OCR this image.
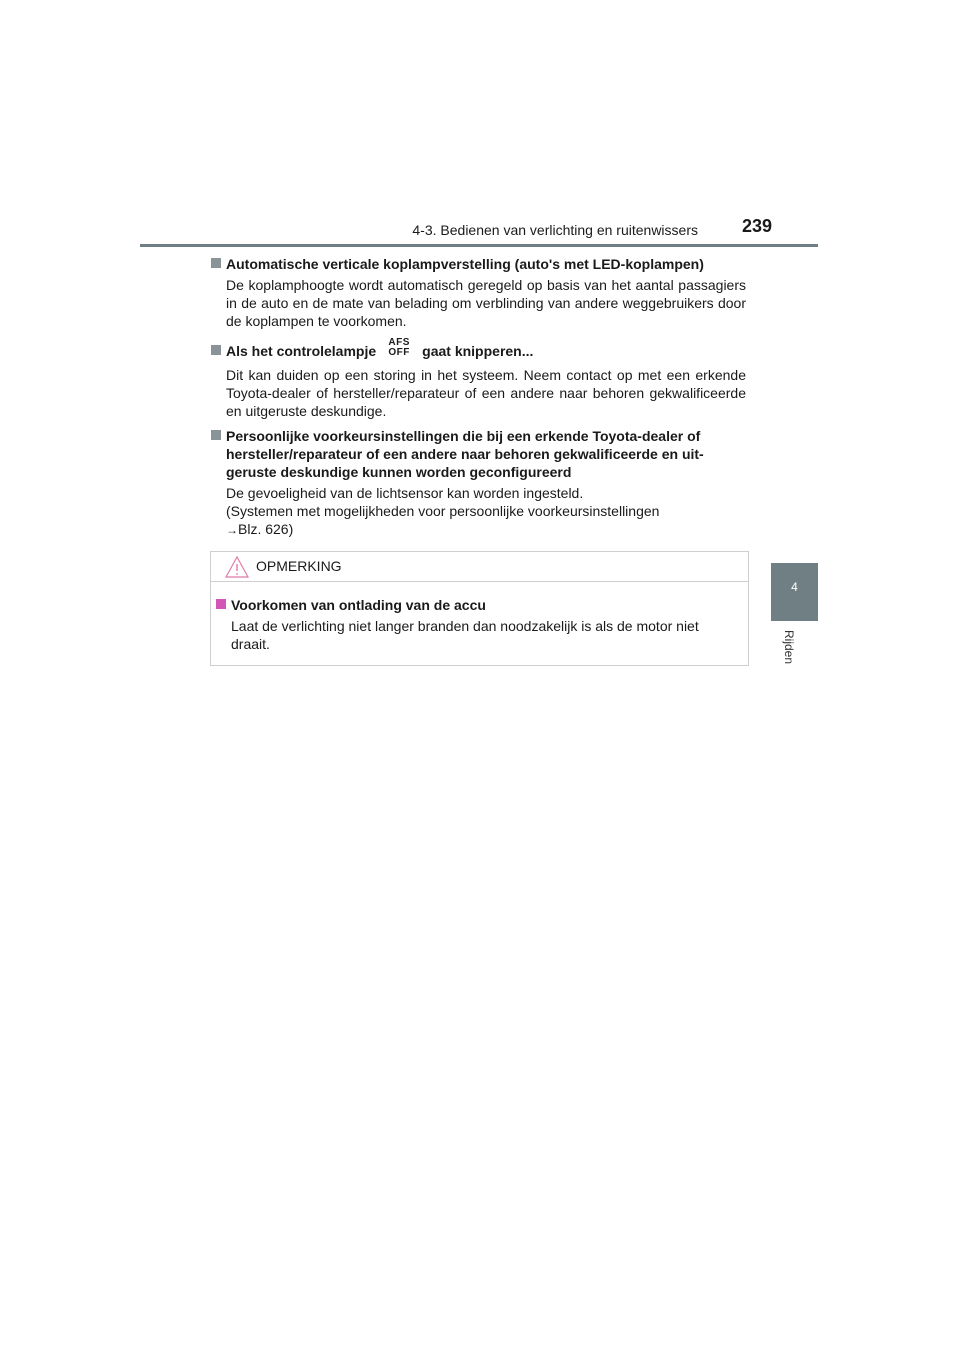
4-3. Bedienen van verlichting en ruitenwissers 239
4
Rijden
Automatische verticale koplampverstelling (auto's met LED-koplampen)
De koplamphoogte wordt automatisch geregeld op basis van het aantal passagiers in de auto en de mate van belading om verblinding van andere weggebruikers door de koplampen te voorkomen.
Als het controlelampjeAFS
OFF gaat knipperen...
Dit kan duiden op een storing in het systeem. Neem contact op met een erkende Toyota-dealer of hersteller/reparateur of een andere naar behoren gekwalificeerde en uitgeruste deskundige.
Persoonlijke voorkeursinstellingen die bij een erkende Toyota-dealer of hersteller/reparateur of een andere naar behoren gekwalificeerde en uit-geruste deskundige kunnen worden geconfigureerd
De gevoeligheid van de lichtsensor kan worden ingesteld.
(Systemen met mogelijkheden voor persoonlijke voorkeursinstellingen
→Blz. 626)
OPMERKING
Voorkomen van ontlading van de accu
Laat de verlichting niet langer branden dan noodzakelijk is als de motor niet draait.
